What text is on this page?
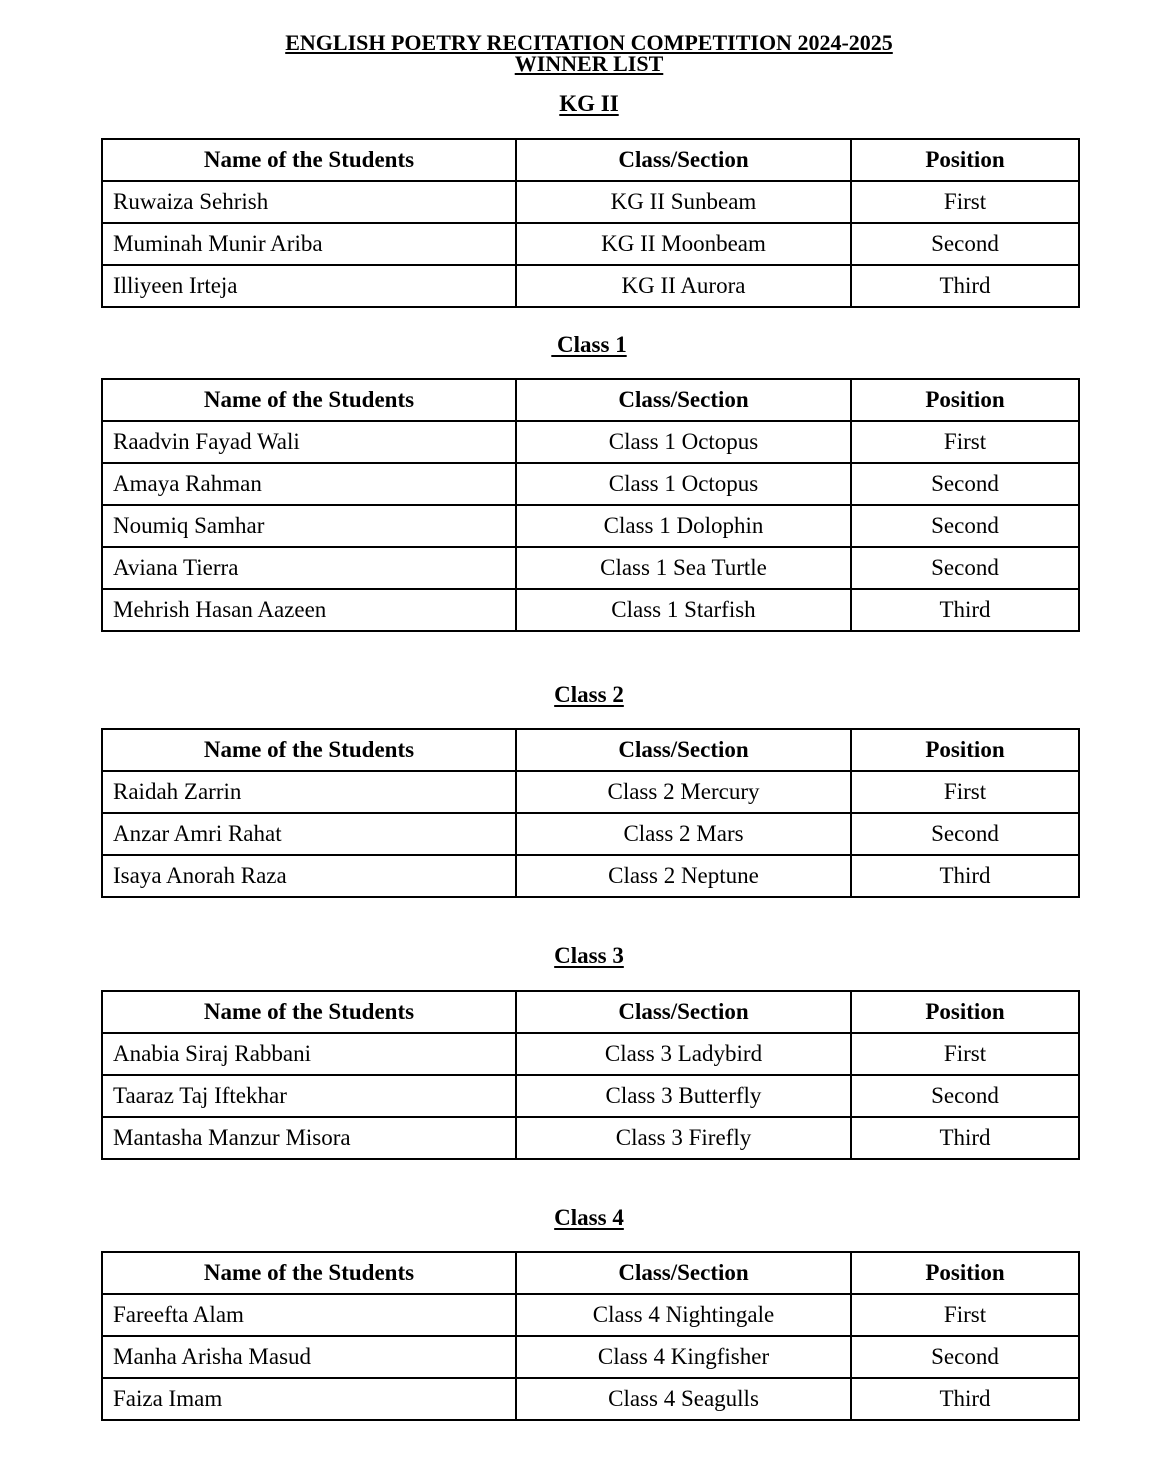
ENGLISH POETRY RECITATION COMPETITION 2024-2025
WINNER LIST
KG II
Name of the Students	Class/Section	Position
Ruwaiza Sehrish	KG II Sunbeam	First
Muminah Munir Ariba	KG II Moonbeam	Second
Illiyeen Irteja	KG II Aurora	Third
Class 1
Name of the Students	Class/Section	Position
Raadvin Fayad Wali	Class 1 Octopus	First
Amaya Rahman	Class 1 Octopus	Second
Noumiq Samhar	Class 1 Dolophin	Second
Aviana Tierra	Class 1 Sea Turtle	Second
Mehrish Hasan Aazeen	Class 1 Starfish	Third
Class 2
Name of the Students	Class/Section	Position
Raidah Zarrin	Class 2 Mercury	First
Anzar Amri Rahat	Class 2 Mars	Second
Isaya Anorah Raza	Class 2 Neptune	Third
Class 3
Name of the Students	Class/Section	Position
Anabia Siraj Rabbani	Class 3 Ladybird	First
Taaraz Taj Iftekhar	Class 3 Butterfly	Second
Mantasha Manzur Misora	Class 3 Firefly	Third
Class 4
Name of the Students	Class/Section	Position
Fareefta Alam	Class 4 Nightingale	First
Manha Arisha Masud	Class 4 Kingfisher	Second
Faiza Imam	Class 4 Seagulls	Third
